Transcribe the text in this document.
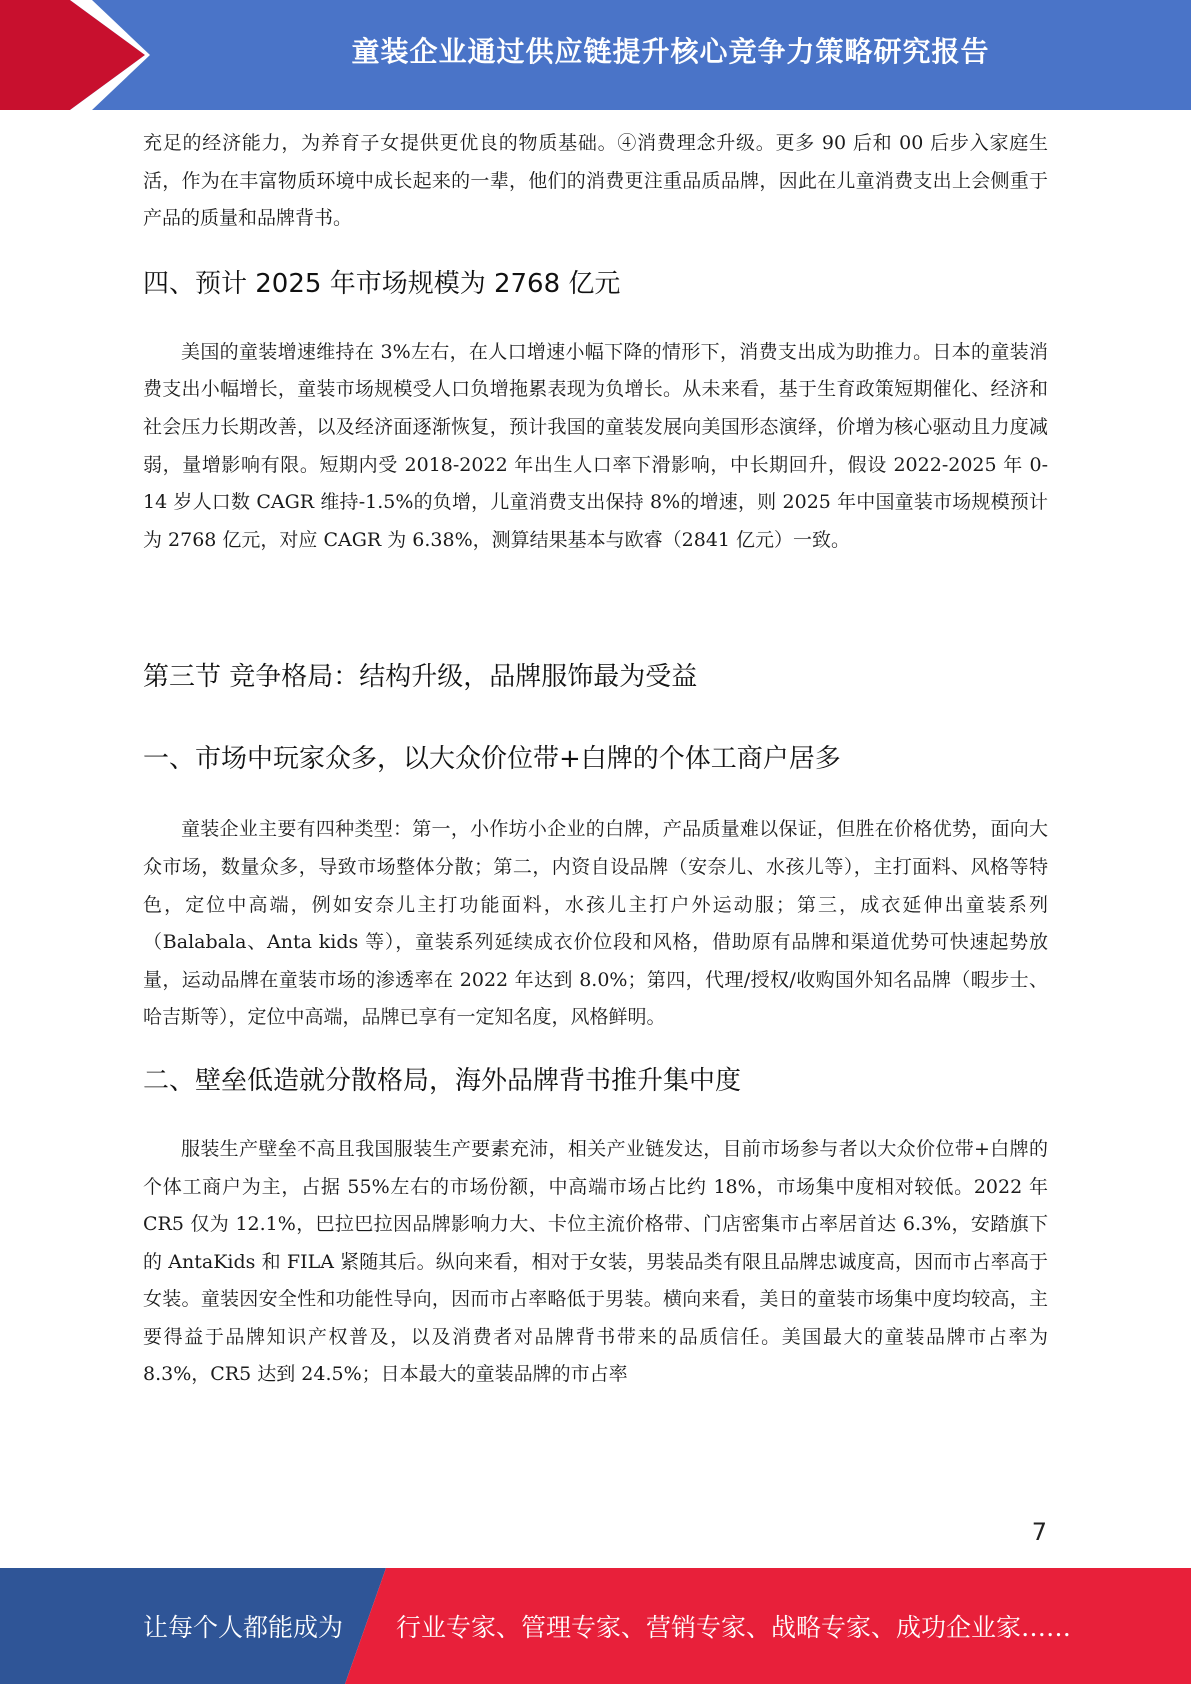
童装企业通过供应链提升核心竞争力策略研究报告

充足的经济能力，为养育子女提供更优良的物质基础。④消费理念升级。更多 90 后和 00 后步入家庭生活，作为在丰富物质环境中成长起来的一辈，他们的消费更注重品质品牌，因此在儿童消费支出上会侧重于产品的质量和品牌背书。

四、预计 2025 年市场规模为 2768 亿元

美国的童装增速维持在 3%左右，在人口增速小幅下降的情形下，消费支出成为助推力。日本的童装消费支出小幅增长，童装市场规模受人口负增拖累表现为负增长。从未来看，基于生育政策短期催化、经济和社会压力长期改善，以及经济面逐渐恢复，预计我国的童装发展向美国形态演绎，价增为核心驱动且力度减弱，量增影响有限。短期内受 2018-2022 年出生人口率下滑影响，中长期回升，假设 2022-2025 年 0-14 岁人口数 CAGR 维持-1.5%的负增，儿童消费支出保持 8%的增速，则 2025 年中国童装市场规模预计为 2768 亿元，对应 CAGR 为 6.38%，测算结果基本与欧睿（2841 亿元）一致。

第三节 竞争格局：结构升级，品牌服饰最为受益
一、市场中玩家众多，以大众价位带+白牌的个体工商户居多

童装企业主要有四种类型：第一，小作坊小企业的白牌，产品质量难以保证，但胜在价格优势，面向大众市场，数量众多，导致市场整体分散；第二，内资自设品牌（安奈儿、水孩儿等），主打面料、风格等特色，定位中高端，例如安奈儿主打功能面料，水孩儿主打户外运动服；第三，成衣延伸出童装系列（Balabala、Anta kids 等），童装系列延续成衣价位段和风格，借助原有品牌和渠道优势可快速起势放量，运动品牌在童装市场的渗透率在 2022 年达到 8.0%；第四，代理/授权/收购国外知名品牌（暇步士、哈吉斯等），定位中高端，品牌已享有一定知名度，风格鲜明。

二、壁垒低造就分散格局，海外品牌背书推升集中度

服装生产壁垒不高且我国服装生产要素充沛，相关产业链发达，目前市场参与者以大众价位带+白牌的个体工商户为主，占据 55%左右的市场份额，中高端市场占比约 18%，市场集中度相对较低。2022 年 CR5 仅为 12.1%，巴拉巴拉因品牌影响力大、卡位主流价格带、门店密集市占率居首达 6.3%，安踏旗下的 AntaKids 和 FILA 紧随其后。纵向来看，相对于女装，男装品类有限且品牌忠诚度高，因而市占率高于女装。童装因安全性和功能性导向，因而市占率略低于男装。横向来看，美日的童装市场集中度均较高，主要得益于品牌知识产权普及，以及消费者对品牌背书带来的品质信任。美国最大的童装品牌市占率为 8.3%，CR5 达到 24.5%；日本最大的童装品牌的市占率

7
让每个人都能成为 行业专家、管理专家、营销专家、战略专家、成功企业家……
